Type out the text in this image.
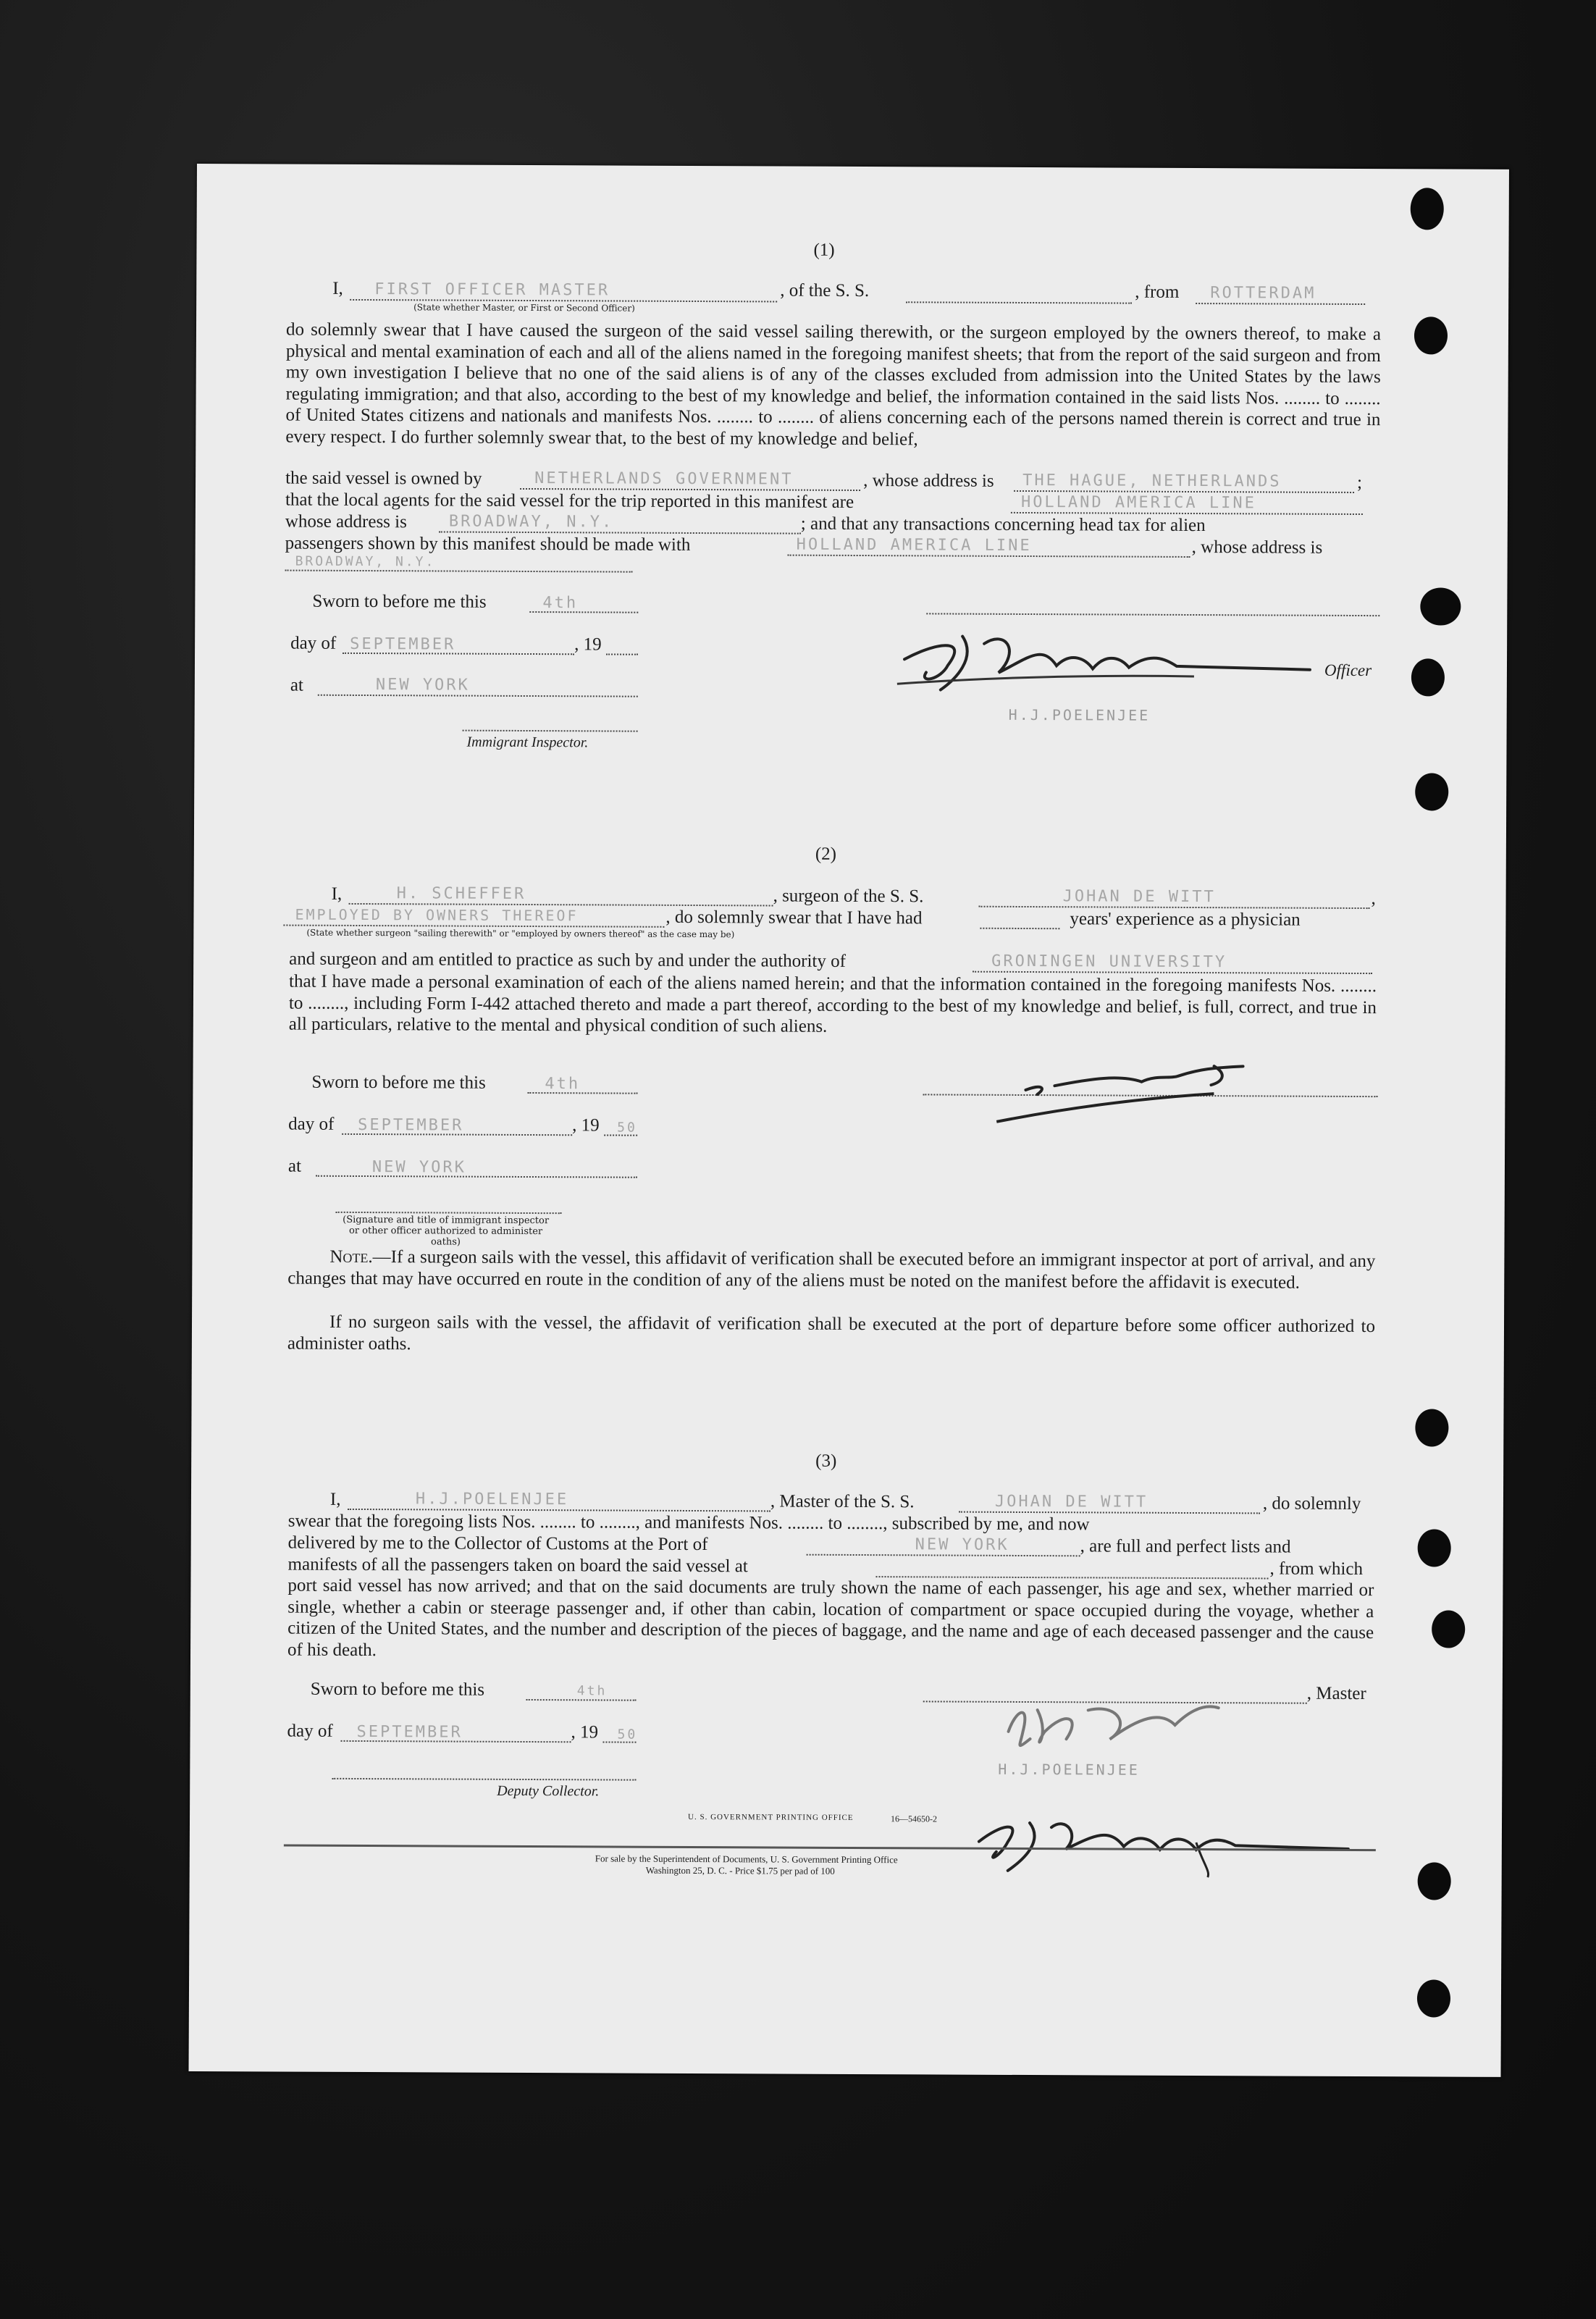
(1)
I, FIRST OFFICER MASTER
(State whether Master, or First or Second Officer)
, of the S. S.	, from ROTTERDAM
do solemnly swear that I have caused the surgeon of the said vessel sailing therewith, or the surgeon employed by the owners thereof, to make a physical and mental examination of each and all of the aliens named in the foregoing manifest sheets; that from the report of the said surgeon and from my own investigation I believe that no one of the said aliens is of any of the classes excluded from admission into the United States by the laws regulating immigration; and that also, according to the best of my knowledge and belief, the information contained in the said lists Nos. ........ to ........ of United States citizens and nationals and manifests Nos. ........ to ........ of aliens concerning each of the persons named therein is correct and true in every respect. I do further solemnly swear that, to the best of my knowledge and belief,
the said vessel is owned by	NETHERLANDS GOVERNMENT	, whose address is THE HAGUE, NETHERLANDS	;
that the local agents for the said vessel for the trip reported in this manifest are	HOLLAND AMERICA LINE
whose address is	BROADWAY, N.Y.	; and that any transactions concerning head tax for alien
passengers shown by this manifest should be made with	HOLLAND AMERICA LINE	, whose address is
BROADWAY, N.Y.
Sworn to before me this	4th
day of SEPTEMBER	, 19
at	NEW YORK
Immigrant Inspector.
Officer
H.J.POELENJEE
(2)
I,	H. SCHEFFER	, surgeon of the S. S.	JOHAN DE WITT	,
EMPLOYED BY OWNERS THEREOF	, do solemnly swear that I have had	years' experience as a physician
(State whether surgeon "sailing therewith" or "employed by owners thereof" as the case may be)
and surgeon and am entitled to practice as such by and under the authority of	GRONINGEN UNIVERSITY
that I have made a personal examination of each of the aliens named herein; and that the information contained in the foregoing manifests Nos. ........ to ........, including Form I-442 attached thereto and made a part thereof, according to the best of my knowledge and belief, is full, correct, and true in all particulars, relative to the mental and physical condition of such aliens.
Sworn to before me this	4th
day of SEPTEMBER	, 19 50
at	NEW YORK
(Signature and title of immigrant inspector or other officer authorized to administer oaths)
Note.—If a surgeon sails with the vessel, this affidavit of verification shall be executed before an immigrant inspector at port of arrival, and any changes that may have occurred en route in the condition of any of the aliens must be noted on the manifest before the affidavit is executed.
If no surgeon sails with the vessel, the affidavit of verification shall be executed at the port of departure before some officer authorized to administer oaths.
(3)
I,	H.J.POELENJEE	, Master of the S. S.	JOHAN DE WITT	, do solemnly
swear that the foregoing lists Nos. ........ to ........, and manifests Nos. ........ to ........, subscribed by me, and now
delivered by me to the Collector of Customs at the Port of	NEW YORK	, are full and perfect lists and
manifests of all the passengers taken on board the said vessel at	, from which
port said vessel has now arrived; and that on the said documents are truly shown the name of each passenger, his age and sex, whether married or single, whether a cabin or steerage passenger and, if other than cabin, location of compartment or space occupied during the voyage, whether a citizen of the United States, and the number and description of the pieces of baggage, and the name and age of each deceased passenger and the cause of his death.
Sworn to before me this	4th	, Master
day of SEPTEMBER	, 19 50
Deputy Collector.
H.J.POELENJEE
U. S. GOVERNMENT PRINTING OFFICE	16—54650-2
For sale by the Superintendent of Documents, U. S. Government Printing Office
Washington 25, D. C. - Price $1.75 per pad of 100
